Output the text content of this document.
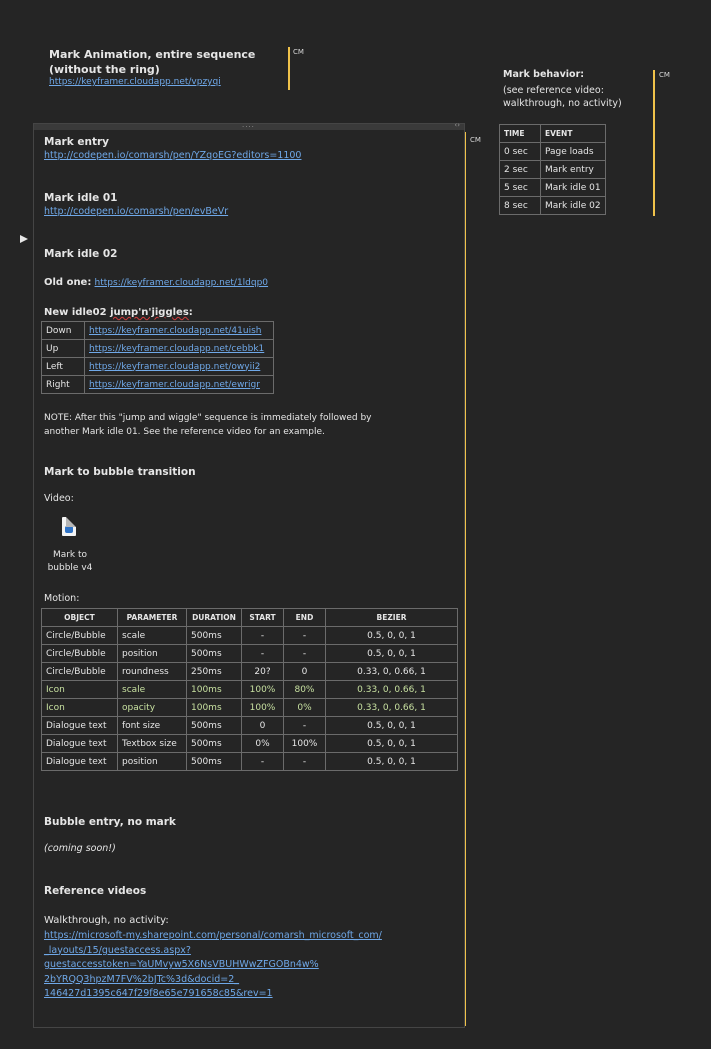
Mark Animation, entire sequence
(without the ring)
https://keyframer.cloudapp.net/vpzyqi
CM
Mark behavior:
(see reference video:
walkthrough, no activity)
CM
TIME	EVENT
0 sec	Page loads
2 sec	Mark entry
5 sec	Mark idle 01
8 sec	Mark idle 02
CM
....	‹›
Mark entry
http://codepen.io/comarsh/pen/YZqoEG?editors=1100
Mark idle 01
http://codepen.io/comarsh/pen/evBeVr
Mark idle 02
Old one: https://keyframer.cloudapp.net/1ldqp0
New idle02 jump'n'jiggles:
Down	https://keyframer.cloudapp.net/41uish
Up	https://keyframer.cloudapp.net/cebbk1
Left	https://keyframer.cloudapp.net/owyii2
Right	https://keyframer.cloudapp.net/ewrigr
NOTE: After this "jump and wiggle" sequence is immediately followed by
another Mark idle 01. See the reference video for an example.
Mark to bubble transition
Video:
Mark to
bubble v4
Motion:
OBJECT	PARAMETER	DURATION	START	END	BEZIER
Circle/Bubble	scale	500ms	-	-	0.5, 0, 0, 1
Circle/Bubble	position	500ms	-	-	0.5, 0, 0, 1
Circle/Bubble	roundness	250ms	20?	0	0.33, 0, 0.66, 1
Icon	scale	100ms	100%	80%	0.33, 0, 0.66, 1
Icon	opacity	100ms	100%	0%	0.33, 0, 0.66, 1
Dialogue text	font size	500ms	0	-	0.5, 0, 0, 1
Dialogue text	Textbox size	500ms	0%	100%	0.5, 0, 0, 1
Dialogue text	position	500ms	-	-	0.5, 0, 0, 1
Bubble entry, no mark
(coming soon!)
Reference videos
Walkthrough, no activity:
https://microsoft-my.sharepoint.com/personal/comarsh_microsoft_com/
_layouts/15/guestaccess.aspx?
guestaccesstoken=YaUMvyw5X6NsVBUHWwZFGOBn4w%
2bYRQQ3hpzM7FV%2bJTc%3d&docid=2_
146427d1395c647f29f8e65e791658c85&rev=1
